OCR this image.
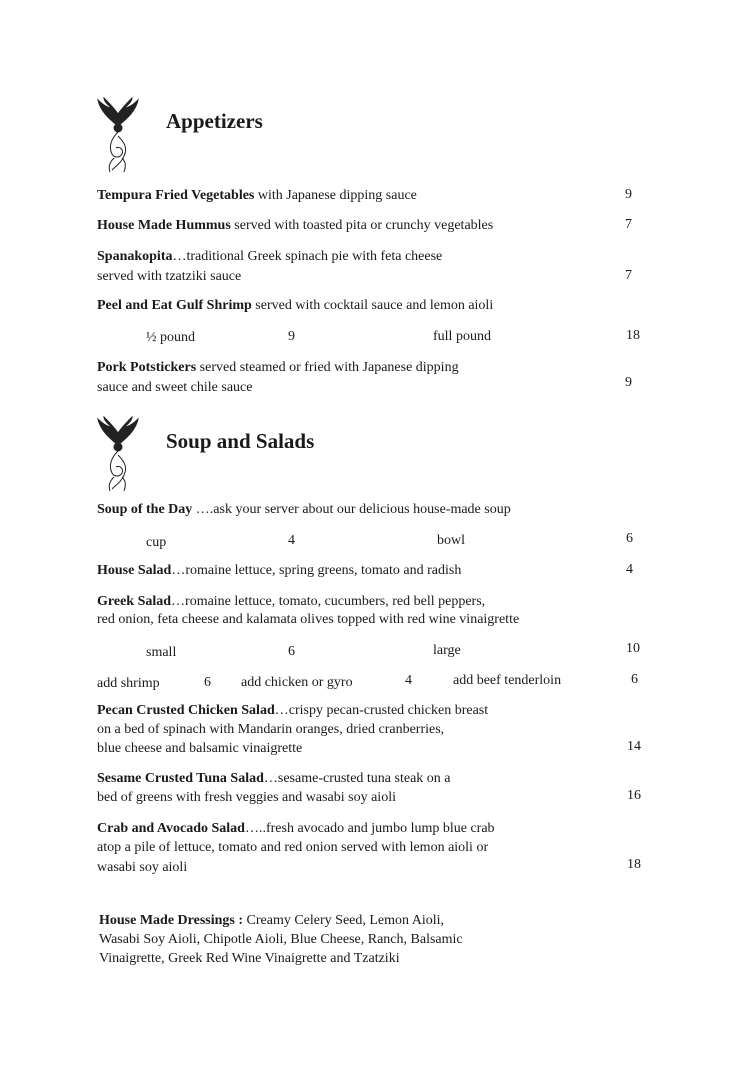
Appetizers
Tempura Fried Vegetables with Japanese dipping sauce	9
House Made Hummus served with toasted pita or crunchy vegetables	7
Spanakopita…traditional Greek spinach pie with feta cheese
served with tzatziki sauce	7
Peel and Eat Gulf Shrimp served with cocktail sauce and lemon aioli
½ pound	9	full pound	18
Pork Potstickers served steamed or fried with Japanese dipping
sauce and sweet chile sauce	9
Soup and Salads
Soup of the Day ….ask your server about our delicious house-made soup
cup	4	bowl	6
House Salad…romaine lettuce, spring greens, tomato and radish	4
Greek Salad…romaine lettuce, tomato, cucumbers, red bell peppers,
red onion, feta cheese and kalamata olives topped with red wine vinaigrette
small	6	large	10
add shrimp	6 add chicken or gyro	4	add beef tenderloin	6
Pecan Crusted Chicken Salad…crispy pecan-crusted chicken breast
on a bed of spinach with Mandarin oranges, dried cranberries,
blue cheese and balsamic vinaigrette	14
Sesame Crusted Tuna Salad…sesame-crusted tuna steak on a
bed of greens with fresh veggies and wasabi soy aioli	16
Crab and Avocado Salad…..fresh avocado and jumbo lump blue crab
atop a pile of lettuce, tomato and red onion served with lemon aioli or
wasabi soy aioli	18
House Made Dressings : Creamy Celery Seed, Lemon Aioli,
Wasabi Soy Aioli, Chipotle Aioli, Blue Cheese, Ranch, Balsamic
Vinaigrette, Greek Red Wine Vinaigrette and Tzatziki
